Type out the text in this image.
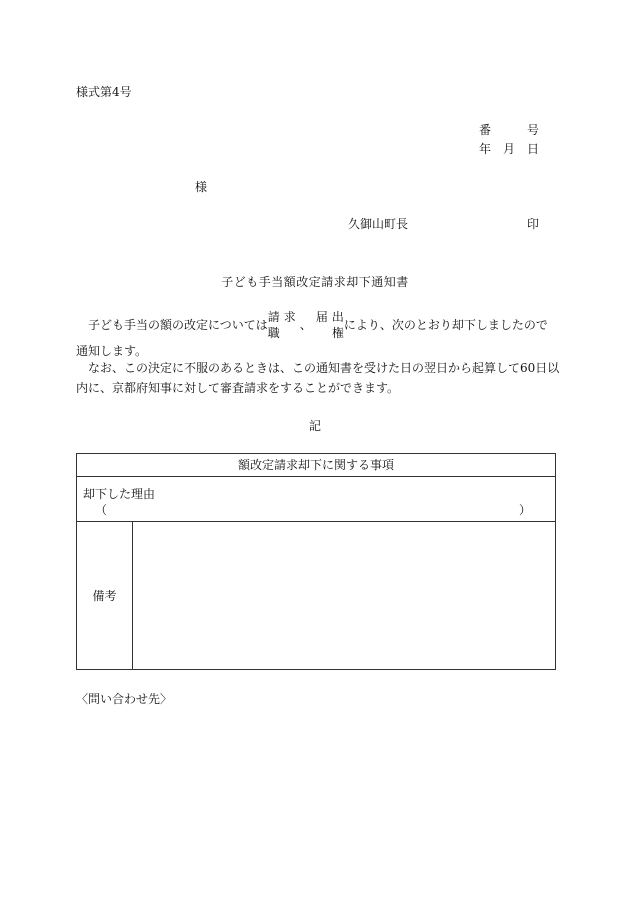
様式第4号
番	号
年 月 日
様
久御山町長	印
子ども手当額改定請求却下通知書
子ども手当の額の改定については
請 求
職
、
届 出
権
により、次のとおり却下しましたので
通知します。
なお、この決定に不服のあるときは、この通知書を受けた日の翌日から起算して60日以
内に、京都府知事に対して審査請求をすることができます。
記
額改定請求却下に関する事項
却下した理由
（	）
備考
〈問い合わせ先〉
